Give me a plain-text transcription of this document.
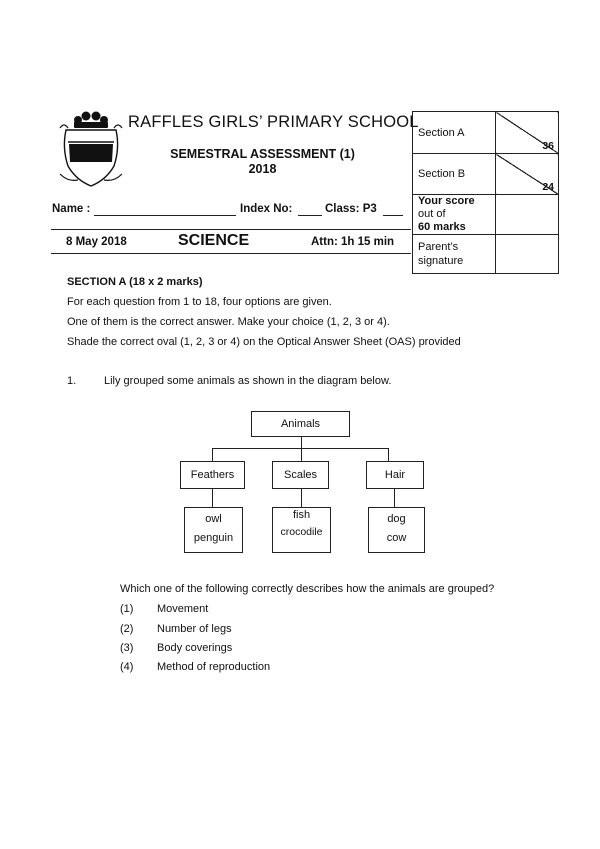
RAFFLES GIRLS’ PRIMARY SCHOOL
SEMESTRAL ASSESSMENT (1)
2018
Name :	Index No:	Class: P3
8 May 2018	SCIENCE	Attn: 1h 15 min
Section A	36

Section B	24

Your score
out of
60 marks	

Parent’s
signature	

SECTION A (18 x 2 marks)
For each question from 1 to 18, four options are given.
One of them is the correct answer. Make your choice (1, 2, 3 or 4).
Shade the correct oval (1, 2, 3 or 4) on the Optical Answer Sheet (OAS) provided
1.	Lily grouped some animals as shown in the diagram below.
Animals
Feathers	Scales	Hair
owl
penguin
fish
crocodile
dog
cow
Which one of the following correctly describes how the animals are grouped?
(1) Movement
(2) Number of legs
(3) Body coverings
(4) Method of reproduction
